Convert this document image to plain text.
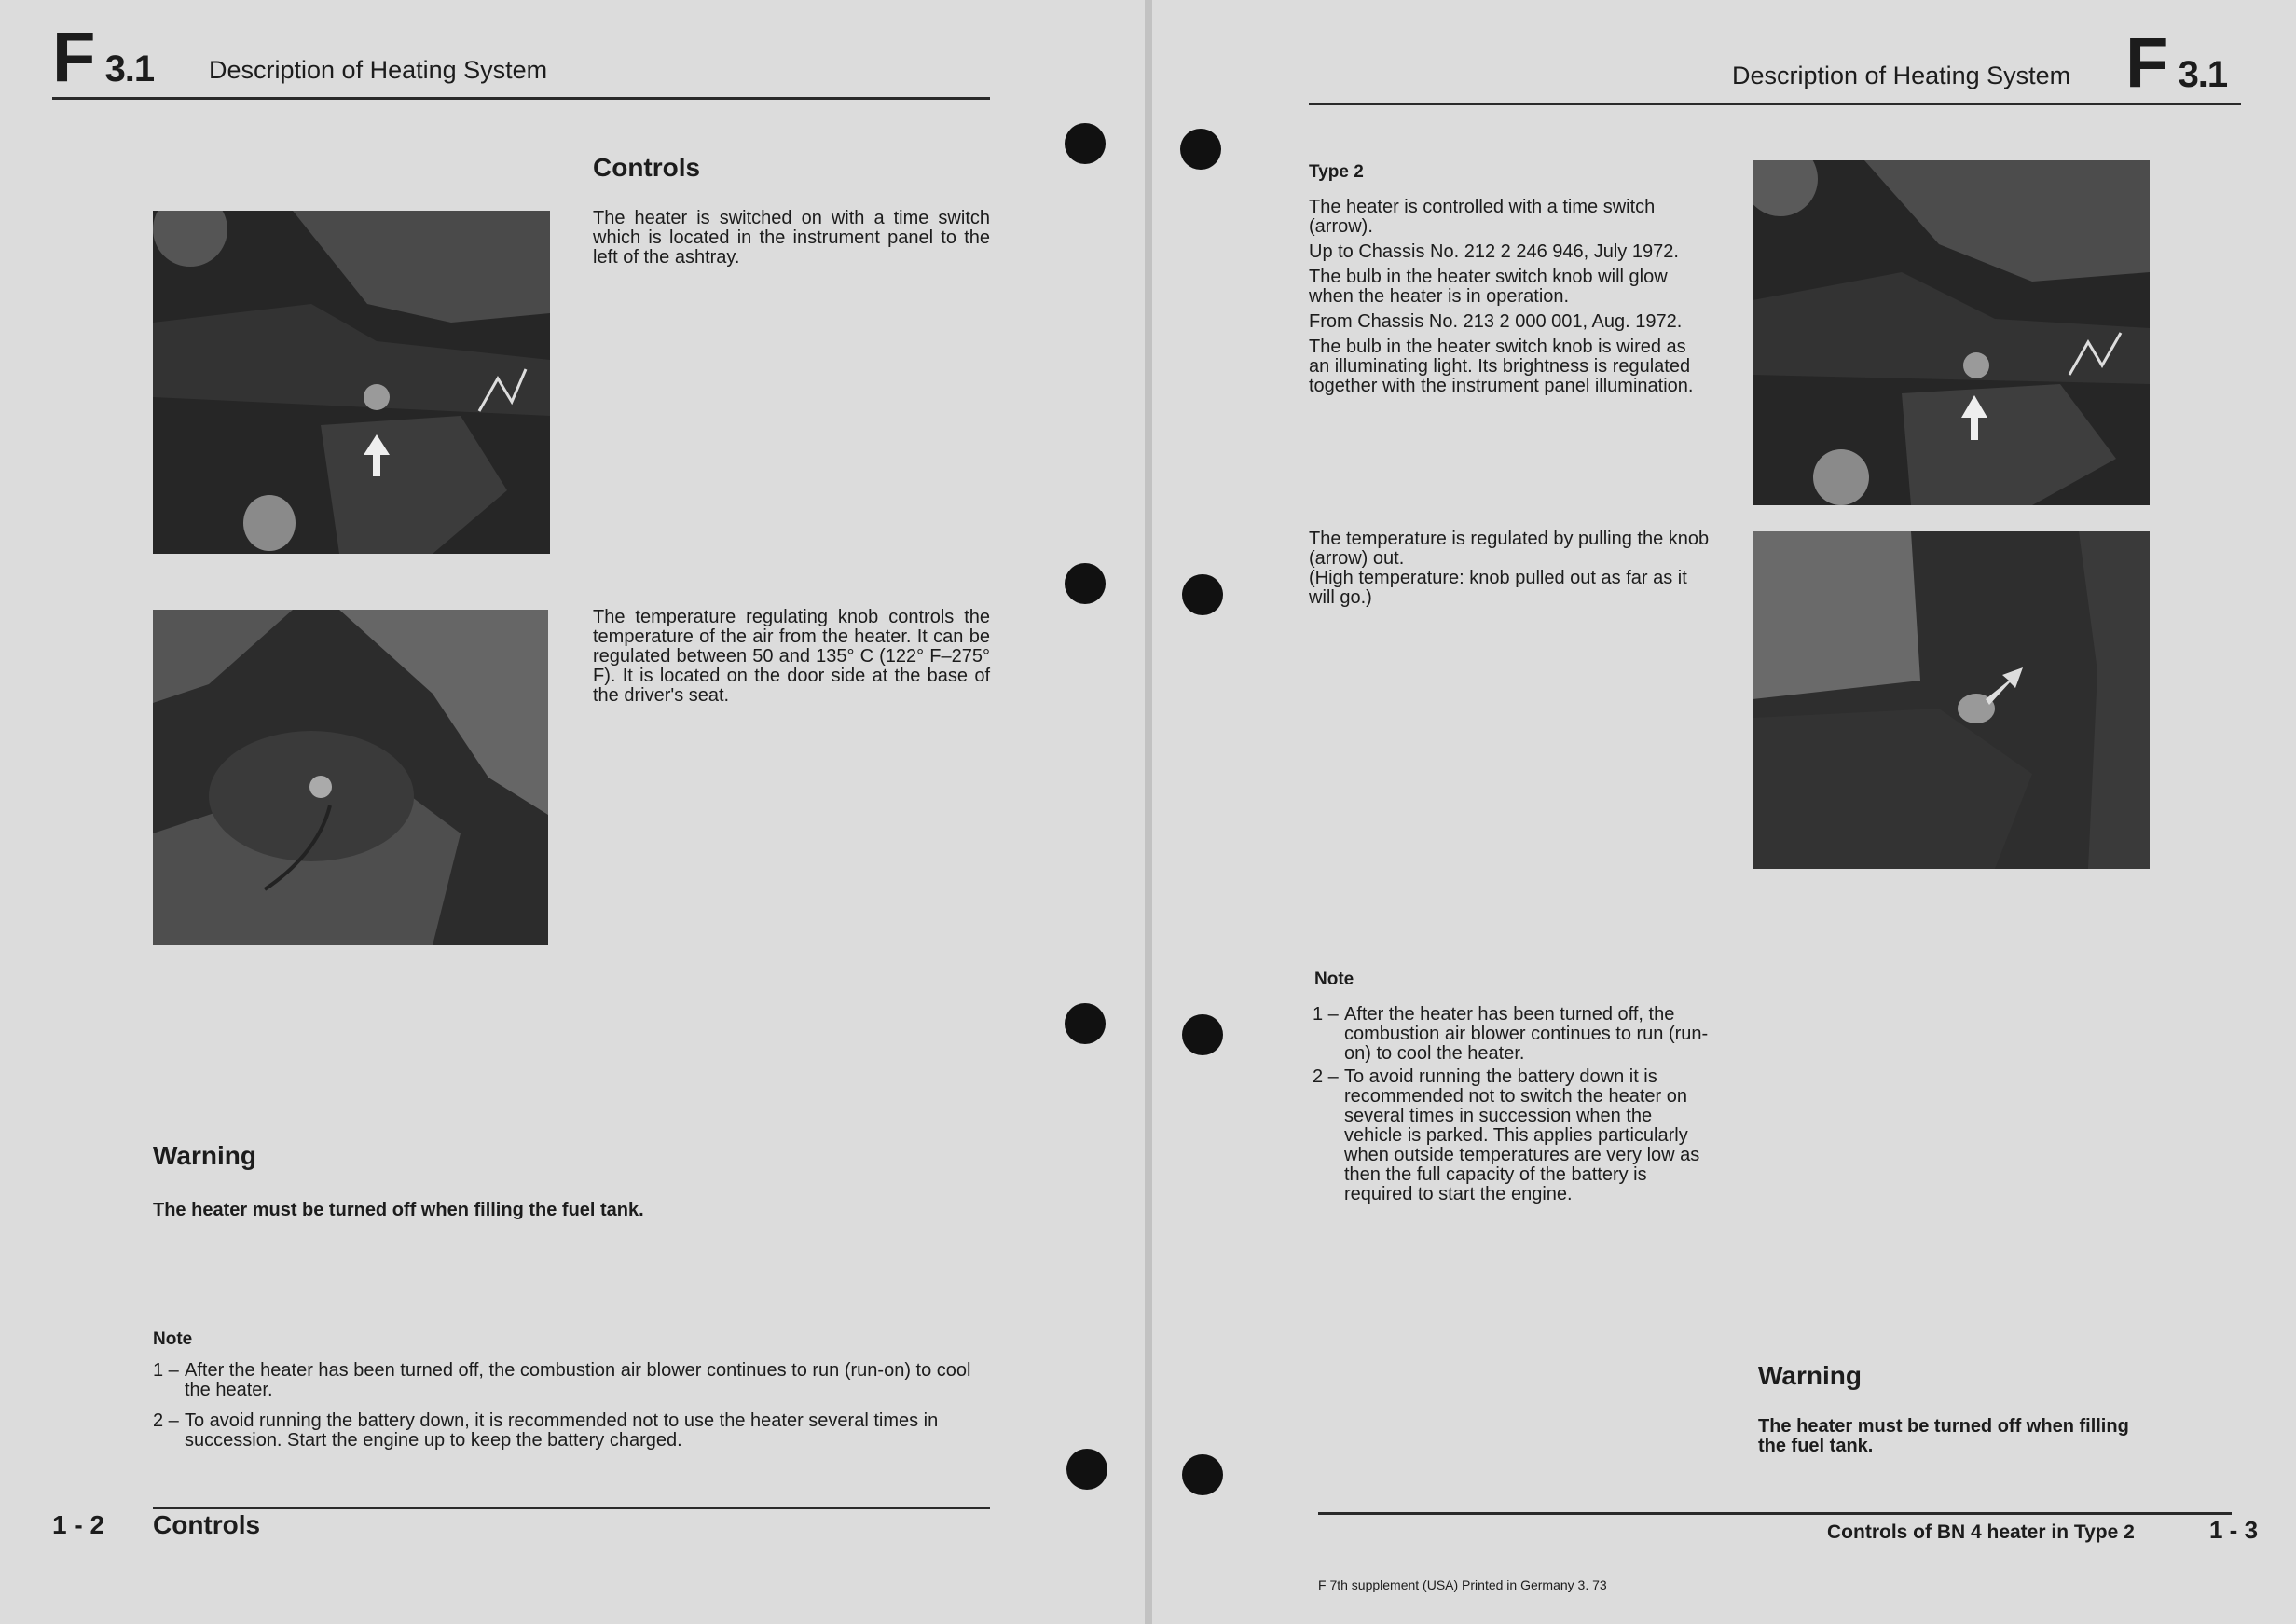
F 3.1 Description of Heating System
Controls
The heater is switched on with a time switch which is located in the instrument panel to the left of the ashtray.
The temperature regulating knob controls the temperature of the air from the heater. It can be regulated between 50 and 135° C (122° F–275° F). It is located on the door side at the base of the driver's seat.
Warning
The heater must be turned off when filling the fuel tank.
Note
1 – After the heater has been turned off, the combustion air blower continues to run (run-on) to cool the heater.
2 – To avoid running the battery down, it is recommended not to use the heater several times in succession. Start the engine up to keep the battery charged.
1 - 2 Controls
Description of Heating System F 3.1
Type 2

The heater is controlled with a time switch (arrow).

Up to Chassis No. 212 2 246 946, July 1972.

The bulb in the heater switch knob will glow when the heater is in operation.

From Chassis No. 213 2 000 001, Aug. 1972.

The bulb in the heater switch knob is wired as an illuminating light. Its brightness is regulated together with the instrument panel illumination.

The temperature is regulated by pulling the knob (arrow) out.
(High temperature: knob pulled out as far as it will go.)
Note
1 – After the heater has been turned off, the combustion air blower continues to run (run-on) to cool the heater.
2 – To avoid running the battery down it is recommended not to switch the heater on several times in succession when the vehicle is parked. This applies particularly when outside temperatures are very low as then the full capacity of the battery is required to start the engine.
Warning
The heater must be turned off when filling the fuel tank.
Controls of BN 4 heater in Type 2	1 - 3
F 7th supplement (USA) Printed in Germany 3. 73
